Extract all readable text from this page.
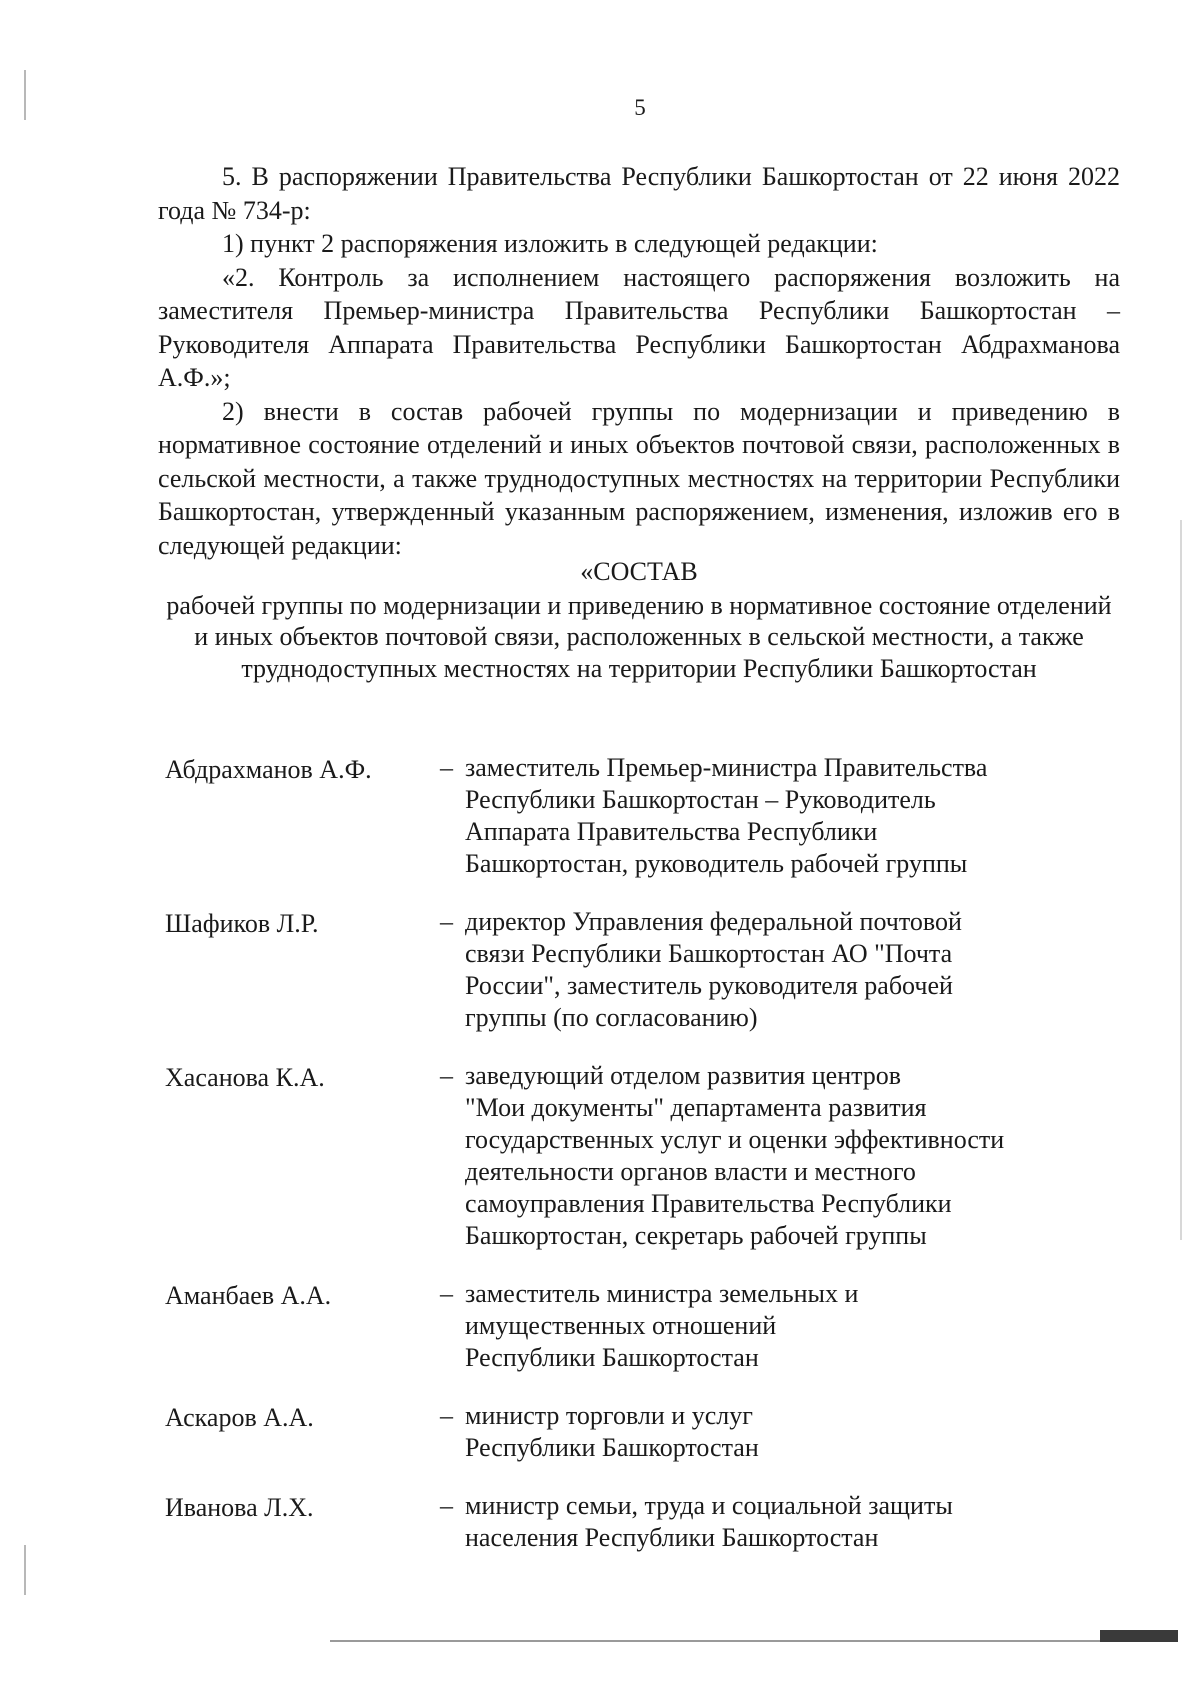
5

5. В распоряжении Правительства Республики Башкортостан от 22 июня 2022 года № 734-р:

1) пункт 2 распоряжения изложить в следующей редакции:

«2. Контроль за исполнением настоящего распоряжения возложить на заместителя Премьер-министра Правительства Республики Башкортостан – Руководителя Аппарата Правительства Республики Башкортостан Абдрахманова А.Ф.»;

2) внести в состав рабочей группы по модернизации и приведению в нормативное состояние отделений и иных объектов почтовой связи, расположенных в сельской местности, а также труднодоступных местностях на территории Республики Башкортостан, утвержденный указанным распоряжением, изменения, изложив его в следующей редакции:

«СОСТАВ
рабочей группы по модернизации и приведению в нормативное состояние отделений и иных объектов почтовой связи, расположенных в сельской местности, а также труднодоступных местностях на территории Республики Башкортостан
Абдрахманов А.Ф.	– заместитель Премьер-министра Правительства
Республики Башкортостан – Руководитель
Аппарата Правительства Республики
Башкортостан, руководитель рабочей группы
Шафиков Л.Р.	– директор Управления федеральной почтовой
связи Республики Башкортостан АО "Почта
России", заместитель руководителя рабочей
группы (по согласованию)
Хасанова К.А.	– заведующий отделом развития центров
"Мои документы" департамента развития
государственных услуг и оценки эффективности
деятельности органов власти и местного
самоуправления Правительства Республики
Башкортостан, секретарь рабочей группы
Аманбаев А.А.	– заместитель министра земельных и
имущественных отношений
Республики Башкортостан
Аскаров А.А.	– министр торговли и услуг
Республики Башкортостан
Иванова Л.Х.	– министр семьи, труда и социальной защиты
населения Республики Башкортостан
